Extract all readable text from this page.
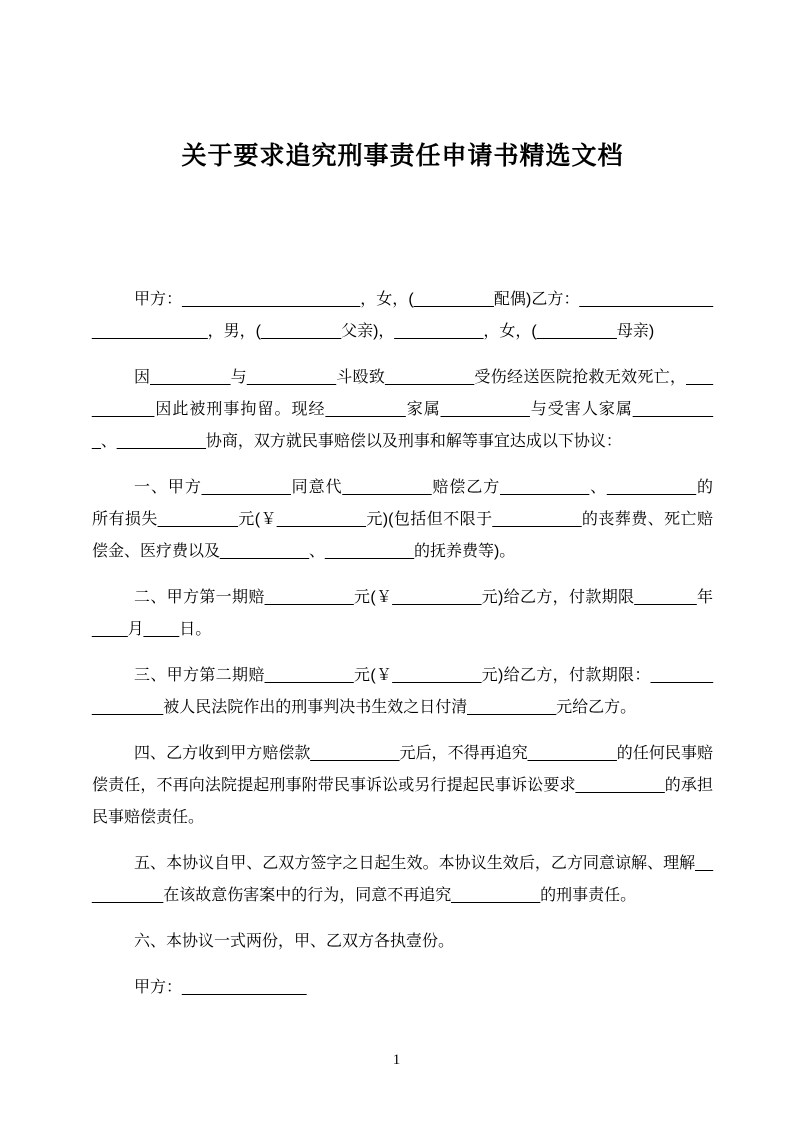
关于要求追究刑事责任申请书精选文档

甲方：____________________，女，(_________配偶)乙方：____________________________，男，(_________父亲)，__________，女，(_________母亲)

因_________与__________斗殴致__________受伤经送医院抢救无效死亡，__________因此被刑事拘留。现经_________家属__________与受害人家属__________、__________协商，双方就民事赔偿以及刑事和解等事宜达成以下协议：

一、甲方__________同意代__________赔偿乙方__________、__________的所有损失_________元(￥__________元)(包括但不限于__________的丧葬费、死亡赔偿金、医疗费以及__________、__________的抚养费等)。

二、甲方第一期赔__________元(￥__________元)给乙方，付款期限_______年____月____日。

三、甲方第二期赔__________元(￥__________元)给乙方，付款期限：_______________被人民法院作出的刑事判决书生效之日付清__________元给乙方。

四、乙方收到甲方赔偿款__________元后，不得再追究__________的任何民事赔偿责任，不再向法院提起刑事附带民事诉讼或另行提起民事诉讼要求__________的承担民事赔偿责任。

五、本协议自甲、乙双方签字之日起生效。本协议生效后，乙方同意谅解、理解__________在该故意伤害案中的行为，同意不再追究__________的刑事责任。

六、本协议一式两份，甲、乙双方各执壹份。

甲方：______________

1
